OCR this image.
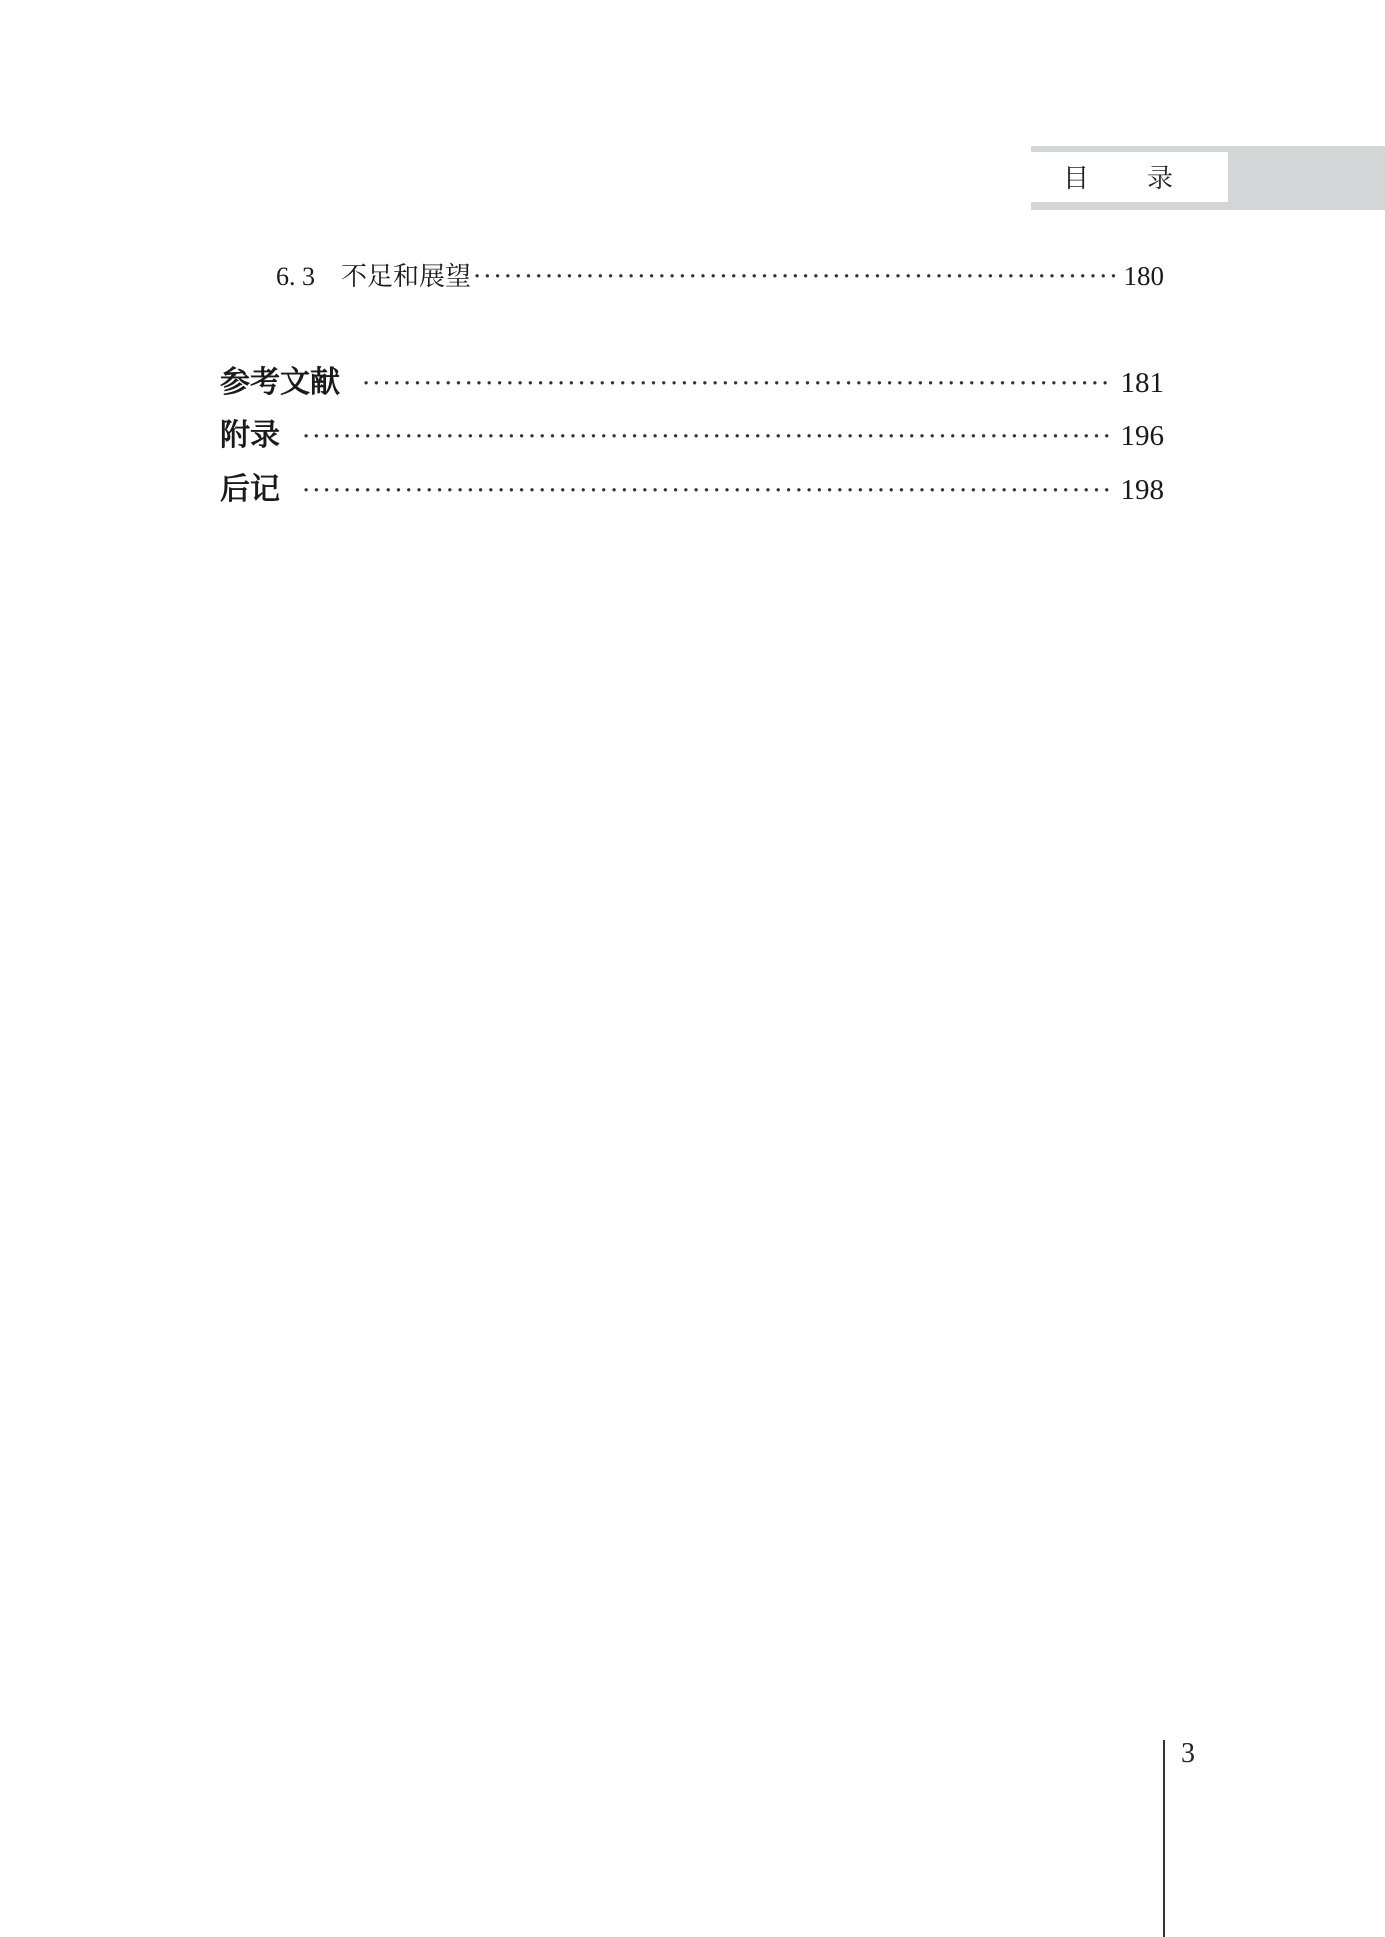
目 录
6. 3 不足和展望 ·····	180
参考文献 ·····	181
附录 ·····	196
后记 ·····	198
3
